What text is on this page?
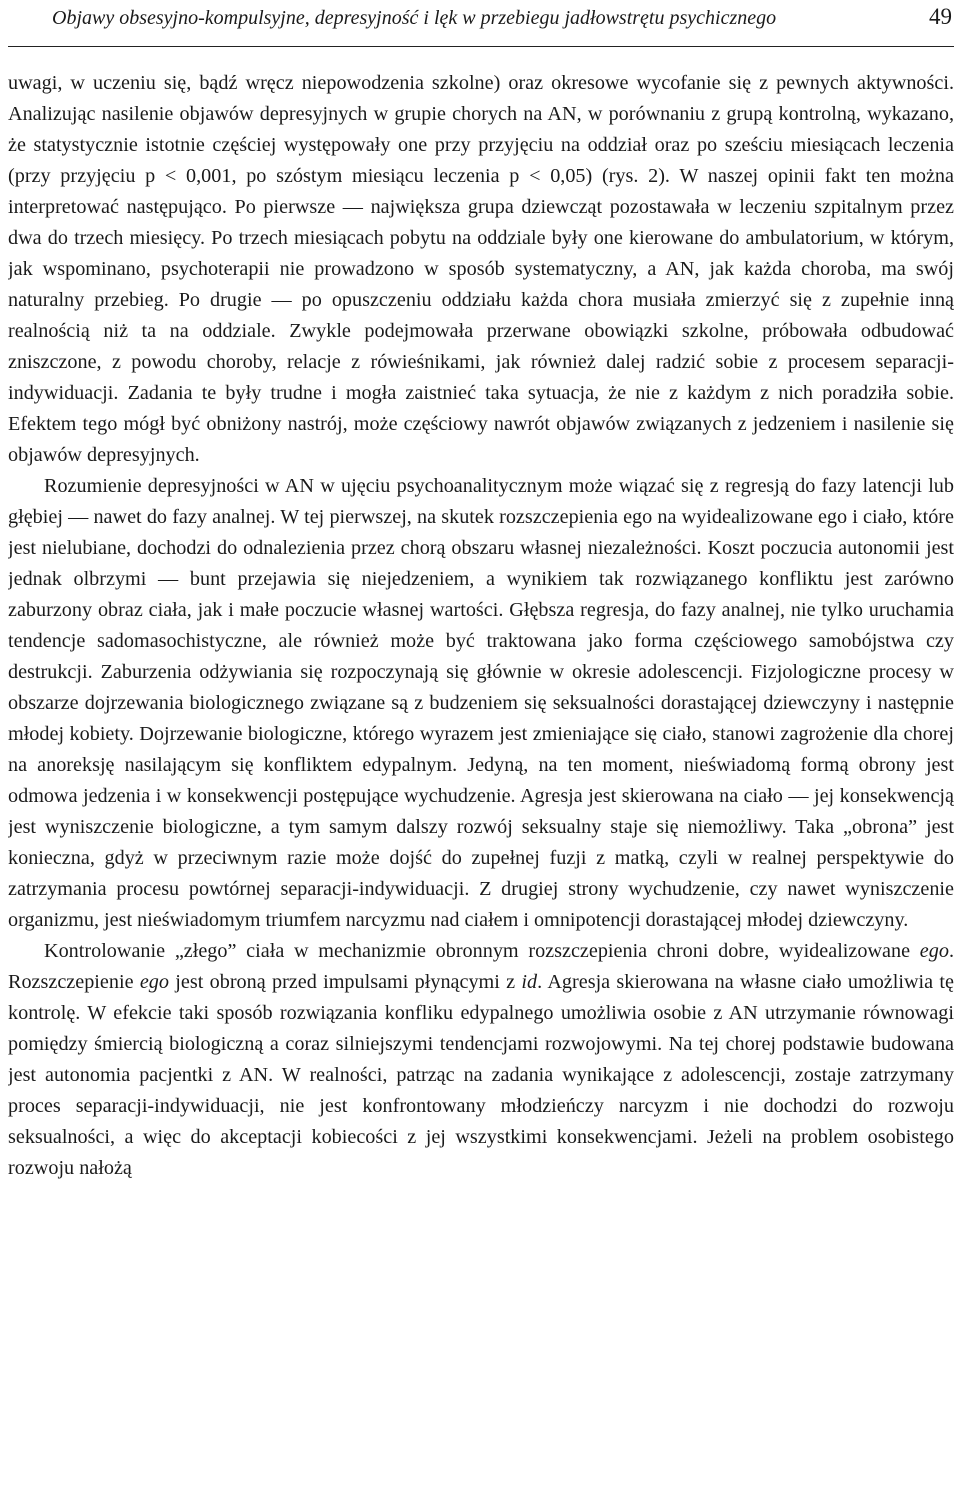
Objawy obsesyjno-kompulsyjne, depresyjność i lęk w przebiegu jadłowstrętu psychicznego	49

uwagi, w uczeniu się, bądź wręcz niepowodzenia szkolne) oraz okresowe wycofanie się z pewnych aktywności. Analizując nasilenie objawów depresyjnych w grupie chorych na AN, w porównaniu z grupą kontrolną, wykazano, że statystycznie istotnie częściej występowały one przy przyjęciu na oddział oraz po sześciu miesiącach leczenia (przy przyjęciu p < 0,001, po szóstym miesiącu leczenia p < 0,05) (rys. 2). W naszej opinii fakt ten można interpretować następująco. Po pierwsze — największa grupa dziewcząt pozostawała w leczeniu szpitalnym przez dwa do trzech miesięcy. Po trzech miesiącach pobytu na oddziale były one kierowane do ambulatorium, w którym, jak wspominano, psychoterapii nie prowadzono w sposób systematyczny, a AN, jak każda choroba, ma swój naturalny przebieg. Po drugie — po opuszczeniu oddziału każda chora musiała zmierzyć się z zupełnie inną realnością niż ta na oddziale. Zwykle podejmowała przerwane obowiązki szkolne, próbowała odbudować zniszczone, z powodu choroby, relacje z rówieśnikami, jak również dalej radzić sobie z procesem separacji-indywiduacji. Zadania te były trudne i mogła zaistnieć taka sytuacja, że nie z każdym z nich poradziła sobie. Efektem tego mógł być obniżony nastrój, może częściowy nawrót objawów związanych z jedzeniem i nasilenie się objawów depresyjnych.

Rozumienie depresyjności w AN w ujęciu psychoanalitycznym może wiązać się z regresją do fazy latencji lub głębiej — nawet do fazy analnej. W tej pierwszej, na skutek rozszczepienia ego na wyidealizowane ego i ciało, które jest nielubiane, dochodzi do odnalezienia przez chorą obszaru własnej niezależności. Koszt poczucia autonomii jest jednak olbrzymi — bunt przejawia się niejedzeniem, a wynikiem tak rozwiązanego konfliktu jest zarówno zaburzony obraz ciała, jak i małe poczucie własnej wartości. Głębsza regresja, do fazy analnej, nie tylko uruchamia tendencje sadomasochistyczne, ale również może być traktowana jako forma częściowego samobójstwa czy destrukcji. Zaburzenia odżywiania się rozpoczynają się głównie w okresie adolescencji. Fizjologiczne procesy w obszarze dojrzewania biologicznego związane są z budzeniem się seksualności dorastającej dziewczyny i następnie młodej kobiety. Dojrzewanie biologiczne, którego wyrazem jest zmieniające się ciało, stanowi zagrożenie dla chorej na anoreksję nasilającym się konfliktem edypalnym. Jedyną, na ten moment, nieświadomą formą obrony jest odmowa jedzenia i w konsekwencji postępujące wychudzenie. Agresja jest skierowana na ciało — jej konsekwencją jest wyniszczenie biologiczne, a tym samym dalszy rozwój seksualny staje się niemożliwy. Taka „obrona” jest konieczna, gdyż w przeciwnym razie może dojść do zupełnej fuzji z matką, czyli w realnej perspektywie do zatrzymania procesu powtórnej separacji-indywiduacji. Z drugiej strony wychudzenie, czy nawet wyniszczenie organizmu, jest nieświadomym triumfem narcyzmu nad ciałem i omnipotencji dorastającej młodej dziewczyny.

Kontrolowanie „złego” ciała w mechanizmie obronnym rozszczepienia chroni dobre, wyidealizowane ego. Rozszczepienie ego jest obroną przed impulsami płynącymi z id. Agresja skierowana na własne ciało umożliwia tę kontrolę. W efekcie taki sposób rozwiązania konfliku edypalnego umożliwia osobie z AN utrzymanie równowagi pomiędzy śmiercią biologiczną a coraz silniejszymi tendencjami rozwojowymi. Na tej chorej podstawie budowana jest autonomia pacjentki z AN. W realności, patrząc na zadania wynikające z adolescencji, zostaje zatrzymany proces separacji-indywiduacji, nie jest konfrontowany młodzieńczy narcyzm i nie dochodzi do rozwoju seksualności, a więc do akceptacji kobiecości z jej wszystkimi konsekwencjami. Jeżeli na problem osobistego rozwoju nałożą
